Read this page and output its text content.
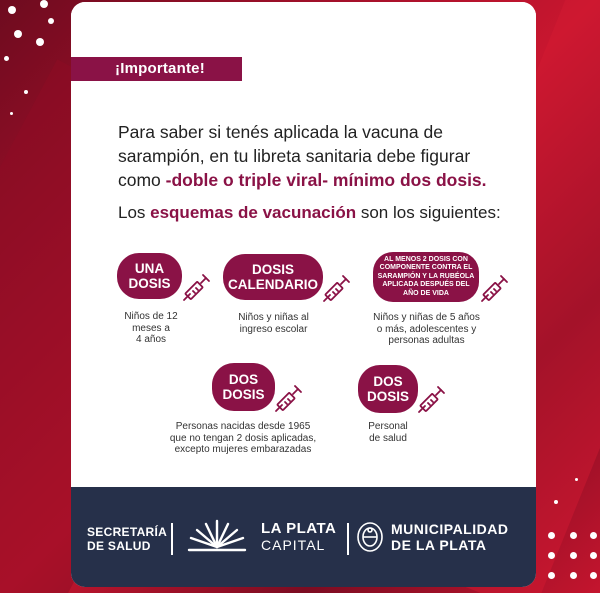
¡Importante!
Para saber si tenés aplicada la vacuna de
sarampión, en tu libreta sanitaria debe figurar
como -doble o triple viral- mínimo dos dosis.
Los esquemas de vacunación son los siguientes:
UNA
DOSIS
Niños de 12
meses a
4 años
DOSIS
CALENDARIO
Niños y niñas al
ingreso escolar
AL MENOS 2 DOSIS CON
COMPONENTE CONTRA EL
SARAMPIÓN Y LA RUBÉOLA
APLICADA DESPUÉS DEL
AÑO DE VIDA
Niños y niñas de 5 años
o más, adolescentes y
personas adultas
DOS
DOSIS
Personas nacidas desde 1965
que no tengan 2 dosis aplicadas,
excepto mujeres embarazadas
DOS
DOSIS
Personal
de salud
SECRETARÍA
DE SALUD
LA PLATA
CAPITAL
MUNICIPALIDAD
DE LA PLATA
